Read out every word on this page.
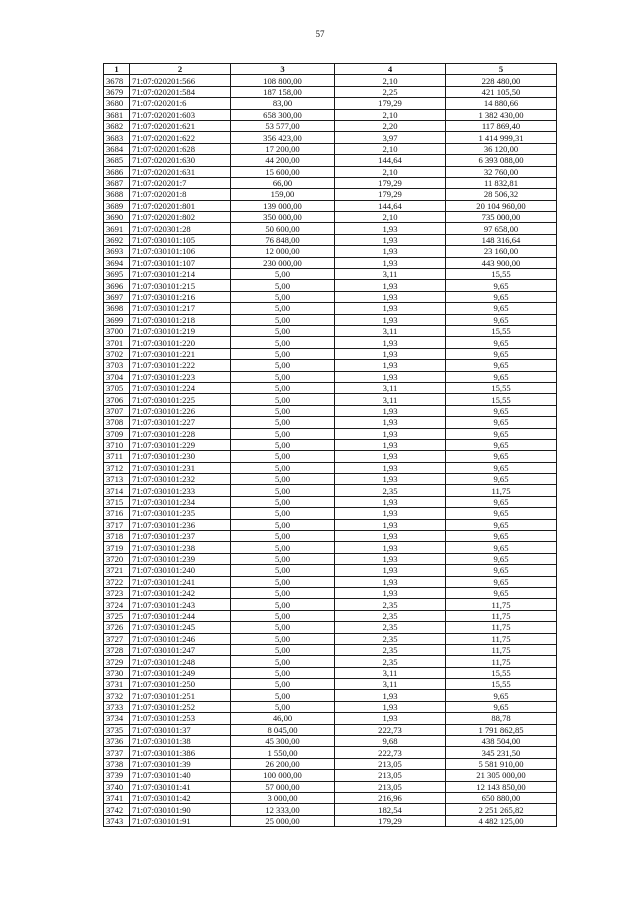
57
1	2	3	4	5
3678	71:07:020201:566	108 800,00	2,10	228 480,00
3679	71:07:020201:584	187 158,00	2,25	421 105,50
3680	71:07:020201:6	83,00	179,29	14 880,66
3681	71:07:020201:603	658 300,00	2,10	1 382 430,00
3682	71:07:020201:621	53 577,00	2,20	117 869,40
3683	71:07:020201:622	356 423,00	3,97	1 414 999,31
3684	71:07:020201:628	17 200,00	2,10	36 120,00
3685	71:07:020201:630	44 200,00	144,64	6 393 088,00
3686	71:07:020201:631	15 600,00	2,10	32 760,00
3687	71:07:020201:7	66,00	179,29	11 832,81
3688	71:07:020201:8	159,00	179,29	28 506,32
3689	71:07:020201:801	139 000,00	144,64	20 104 960,00
3690	71:07:020201:802	350 000,00	2,10	735 000,00
3691	71:07:020301:28	50 600,00	1,93	97 658,00
3692	71:07:030101:105	76 848,00	1,93	148 316,64
3693	71:07:030101:106	12 000,00	1,93	23 160,00
3694	71:07:030101:107	230 000,00	1,93	443 900,00
3695	71:07:030101:214	5,00	3,11	15,55
3696	71:07:030101:215	5,00	1,93	9,65
3697	71:07:030101:216	5,00	1,93	9,65
3698	71:07:030101:217	5,00	1,93	9,65
3699	71:07:030101:218	5,00	1,93	9,65
3700	71:07:030101:219	5,00	3,11	15,55
3701	71:07:030101:220	5,00	1,93	9,65
3702	71:07:030101:221	5,00	1,93	9,65
3703	71:07:030101:222	5,00	1,93	9,65
3704	71:07:030101:223	5,00	1,93	9,65
3705	71:07:030101:224	5,00	3,11	15,55
3706	71:07:030101:225	5,00	3,11	15,55
3707	71:07:030101:226	5,00	1,93	9,65
3708	71:07:030101:227	5,00	1,93	9,65
3709	71:07:030101:228	5,00	1,93	9,65
3710	71:07:030101:229	5,00	1,93	9,65
3711	71:07:030101:230	5,00	1,93	9,65
3712	71:07:030101:231	5,00	1,93	9,65
3713	71:07:030101:232	5,00	1,93	9,65
3714	71:07:030101:233	5,00	2,35	11,75
3715	71:07:030101:234	5,00	1,93	9,65
3716	71:07:030101:235	5,00	1,93	9,65
3717	71:07:030101:236	5,00	1,93	9,65
3718	71:07:030101:237	5,00	1,93	9,65
3719	71:07:030101:238	5,00	1,93	9,65
3720	71:07:030101:239	5,00	1,93	9,65
3721	71:07:030101:240	5,00	1,93	9,65
3722	71:07:030101:241	5,00	1,93	9,65
3723	71:07:030101:242	5,00	1,93	9,65
3724	71:07:030101:243	5,00	2,35	11,75
3725	71:07:030101:244	5,00	2,35	11,75
3726	71:07:030101:245	5,00	2,35	11,75
3727	71:07:030101:246	5,00	2,35	11,75
3728	71:07:030101:247	5,00	2,35	11,75
3729	71:07:030101:248	5,00	2,35	11,75
3730	71:07:030101:249	5,00	3,11	15,55
3731	71:07:030101:250	5,00	3,11	15,55
3732	71:07:030101:251	5,00	1,93	9,65
3733	71:07:030101:252	5,00	1,93	9,65
3734	71:07:030101:253	46,00	1,93	88,78
3735	71:07:030101:37	8 045,00	222,73	1 791 862,85
3736	71:07:030101:38	45 300,00	9,68	438 504,00
3737	71:07:030101:386	1 550,00	222,73	345 231,50
3738	71:07:030101:39	26 200,00	213,05	5 581 910,00
3739	71:07:030101:40	100 000,00	213,05	21 305 000,00
3740	71:07:030101:41	57 000,00	213,05	12 143 850,00
3741	71:07:030101:42	3 000,00	216,96	650 880,00
3742	71:07:030101:90	12 333,00	182,54	2 251 265,82
3743	71:07:030101:91	25 000,00	179,29	4 482 125,00
